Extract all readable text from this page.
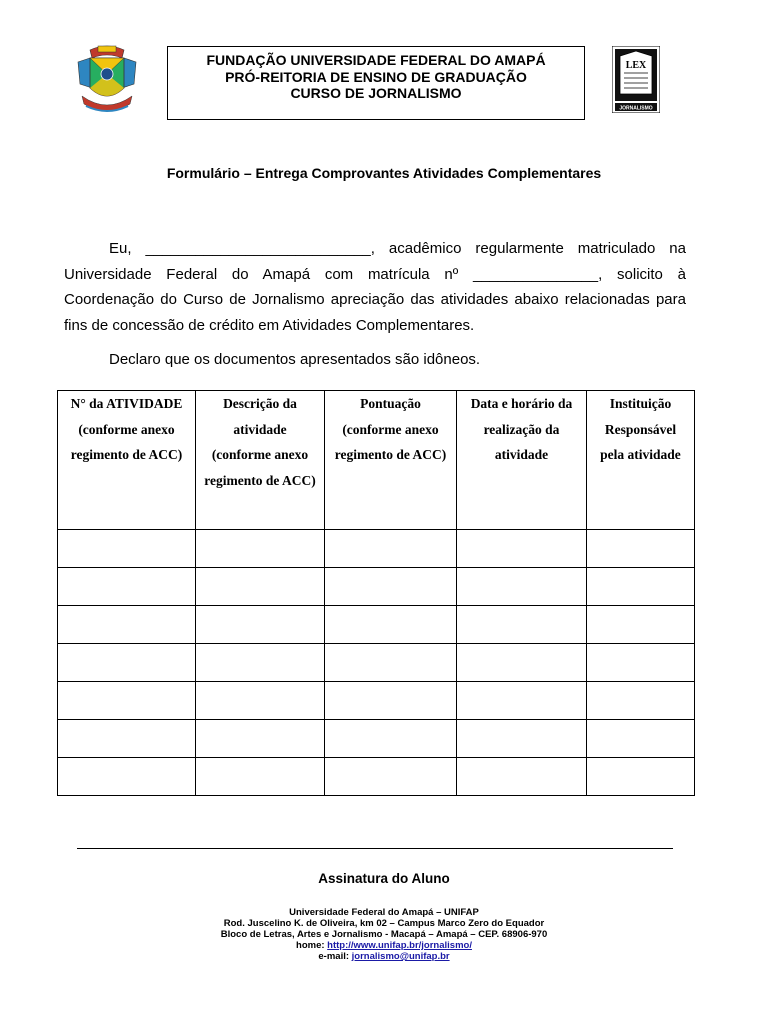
FUNDAÇÃO UNIVERSIDADE FEDERAL DO AMAPÁ
PRÓ-REITORIA DE ENSINO DE GRADUAÇÃO
CURSO DE JORNALISMO
LEX
JORNALISMO
Formulário – Entrega Comprovantes Atividades Complementares
Eu, ___________________________, acadêmico regularmente matriculado na
Universidade Federal do Amapá com matrícula nº _______________, solicito à
Coordenação do Curso de Jornalismo apreciação das atividades abaixo relacionadas para
fins de concessão de crédito em Atividades Complementares.
Declaro que os documentos apresentados são idôneos.
N° da ATIVIDADE (conforme anexo regimento de ACC)	Descrição da atividade (conforme anexo regimento de ACC)	Pontuação (conforme anexo regimento de ACC)	Data e horário da realização da atividade	Instituição Responsável pela atividade

Assinatura do Aluno
Universidade Federal do Amapá – UNIFAP
Rod. Juscelino K. de Oliveira, km 02 – Campus Marco Zero do Equador
Bloco de Letras, Artes e Jornalismo - Macapá – Amapá – CEP. 68906-970
home: http://www.unifap.br/jornalismo/
e-mail: jornalismo@unifap.br
